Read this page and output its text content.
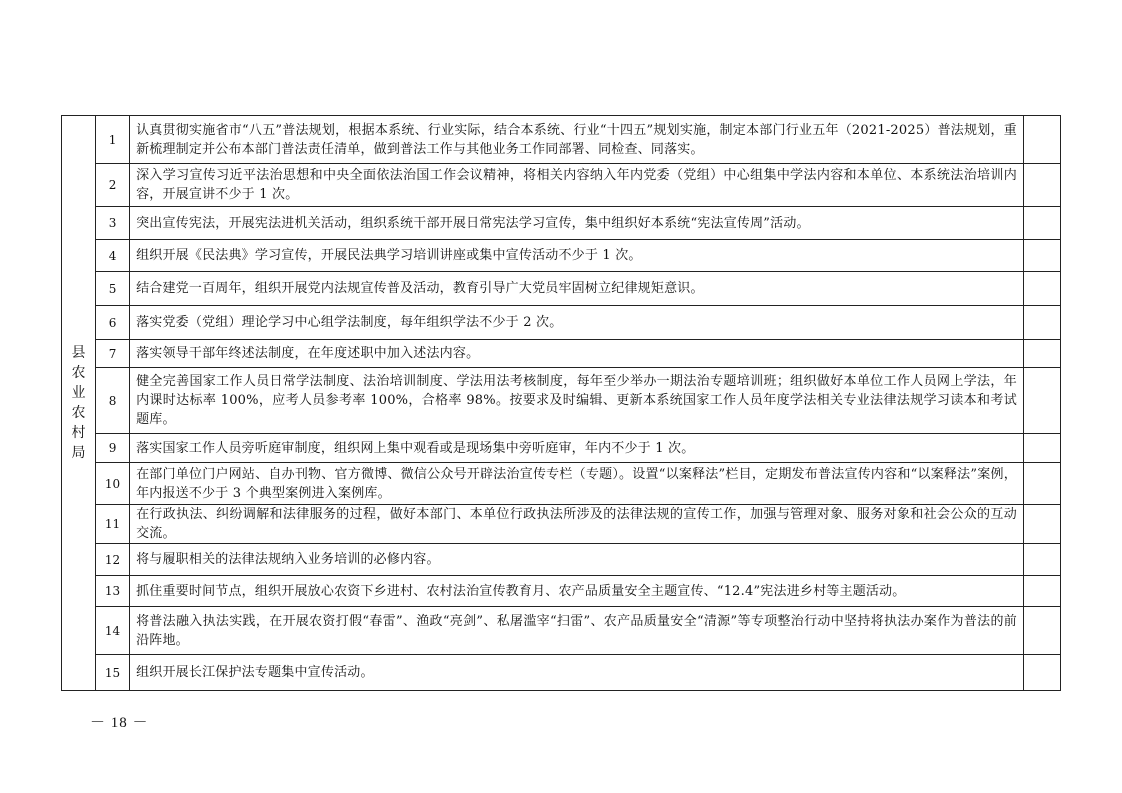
县农业农村局	1	认真贯彻实施省市“八五”普法规划，根据本系统、行业实际，结合本系统、行业“十四五”规划实施，制定本部门行业五年（2021-2025）普法规划，重新梳理制定并公布本部门普法责任清单，做到普法工作与其他业务工作同部署、同检查、同落实。	
	2	深入学习宣传习近平法治思想和中央全面依法治国工作会议精神，将相关内容纳入年内党委（党组）中心组集中学法内容和本单位、本系统法治培训内容，开展宣讲不少于 1 次。	
	3	突出宣传宪法，开展宪法进机关活动，组织系统干部开展日常宪法学习宣传，集中组织好本系统“宪法宣传周”活动。	
	4	组织开展《民法典》学习宣传，开展民法典学习培训讲座或集中宣传活动不少于 1 次。	
	5	结合建党一百周年，组织开展党内法规宣传普及活动，教育引导广大党员牢固树立纪律规矩意识。	
	6	落实党委（党组）理论学习中心组学法制度，每年组织学法不少于 2 次。	
	7	落实领导干部年终述法制度，在年度述职中加入述法内容。	
	8	健全完善国家工作人员日常学法制度、法治培训制度、学法用法考核制度，每年至少举办一期法治专题培训班；组织做好本单位工作人员网上学法，年内课时达标率 100%，应考人员参考率 100%，合格率 98%。按要求及时编辑、更新本系统国家工作人员年度学法相关专业法律法规学习读本和考试题库。	
	9	落实国家工作人员旁听庭审制度，组织网上集中观看或是现场集中旁听庭审，年内不少于 1 次。	
	10	在部门单位门户网站、自办刊物、官方微博、微信公众号开辟法治宣传专栏（专题）。设置“以案释法”栏目，定期发布普法宣传内容和“以案释法”案例，年内报送不少于 3 个典型案例进入案例库。	
	11	在行政执法、纠纷调解和法律服务的过程，做好本部门、本单位行政执法所涉及的法律法规的宣传工作，加强与管理对象、服务对象和社会公众的互动交流。	
	12	将与履职相关的法律法规纳入业务培训的必修内容。	
	13	抓住重要时间节点，组织开展放心农资下乡进村、农村法治宣传教育月、农产品质量安全主题宣传、“12.4”宪法进乡村等主题活动。	
	14	将普法融入执法实践，在开展农资打假“春雷”、渔政“亮剑”、私屠滥宰“扫雷”、农产品质量安全“清源”等专项整治行动中坚持将执法办案作为普法的前沿阵地。	
	15	组织开展长江保护法专题集中宣传活动。	
－ 18 －
